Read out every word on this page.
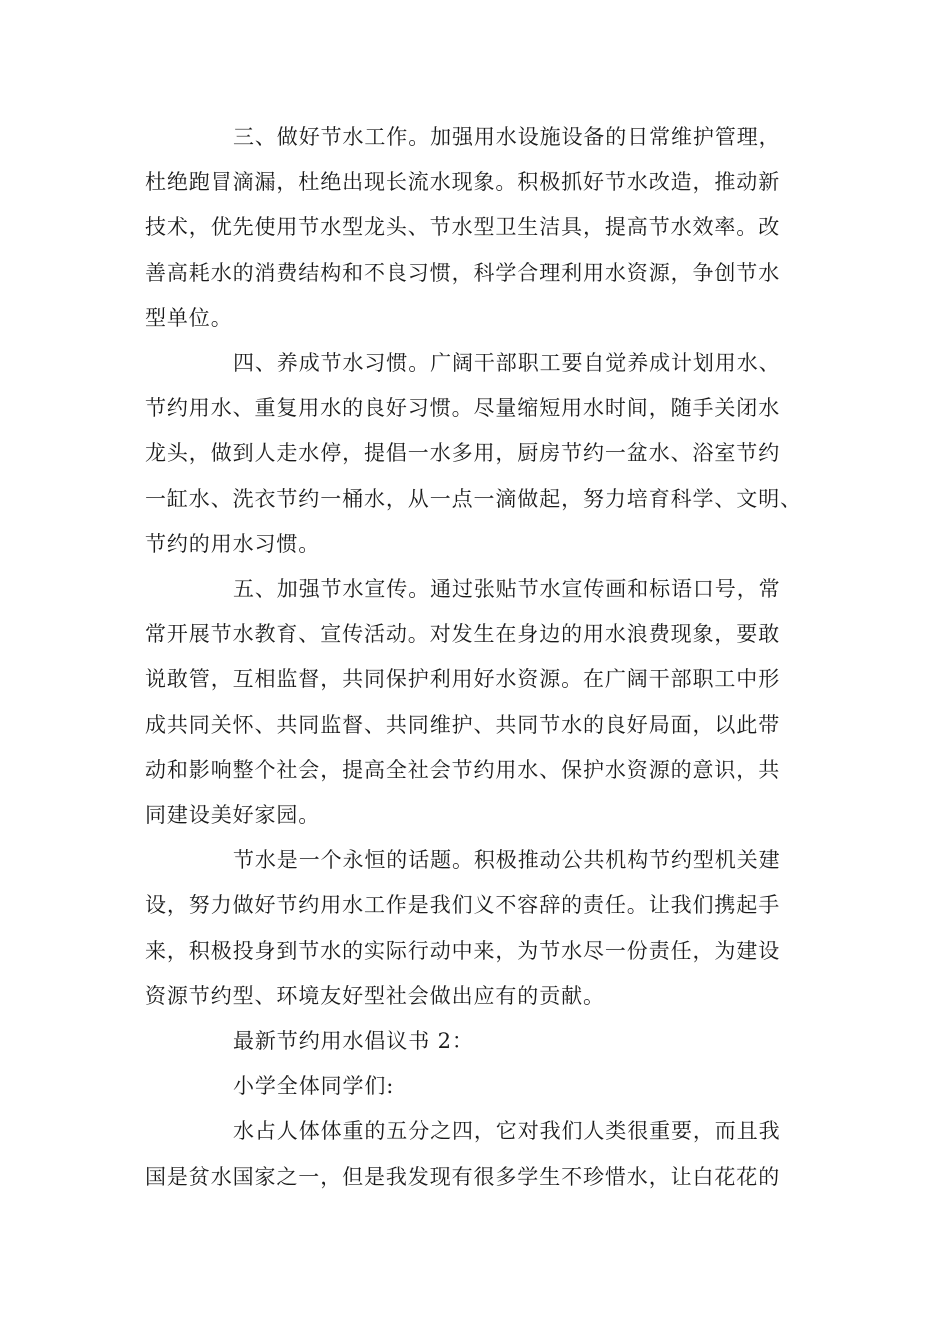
三、做好节水工作。加强用水设施设备的日常维护管理，
杜绝跑冒滴漏，杜绝出现长流水现象。积极抓好节水改造，推动新
技术，优先使用节水型龙头、节水型卫生洁具，提高节水效率。改
善高耗水的消费结构和不良习惯，科学合理利用水资源，争创节水
型单位。

四、养成节水习惯。广阔干部职工要自觉养成计划用水、
节约用水、重复用水的良好习惯。尽量缩短用水时间，随手关闭水
龙头，做到人走水停，提倡一水多用，厨房节约一盆水、浴室节约
一缸水、洗衣节约一桶水，从一点一滴做起，努力培育科学、文明、
节约的用水习惯。

五、加强节水宣传。通过张贴节水宣传画和标语口号，常
常开展节水教育、宣传活动。对发生在身边的用水浪费现象，要敢
说敢管，互相监督，共同保护利用好水资源。在广阔干部职工中形
成共同关怀、共同监督、共同维护、共同节水的良好局面，以此带
动和影响整个社会，提高全社会节约用水、保护水资源的意识，共
同建设美好家园。

节水是一个永恒的话题。积极推动公共机构节约型机关建
设，努力做好节约用水工作是我们义不容辞的责任。让我们携起手
来，积极投身到节水的实际行动中来，为节水尽一份责任，为建设
资源节约型、环境友好型社会做出应有的贡献。

最新节约用水倡议书 2：

小学全体同学们:

水占人体体重的五分之四，它对我们人类很重要，而且我
国是贫水国家之一，但是我发现有很多学生不珍惜水，让白花花的
